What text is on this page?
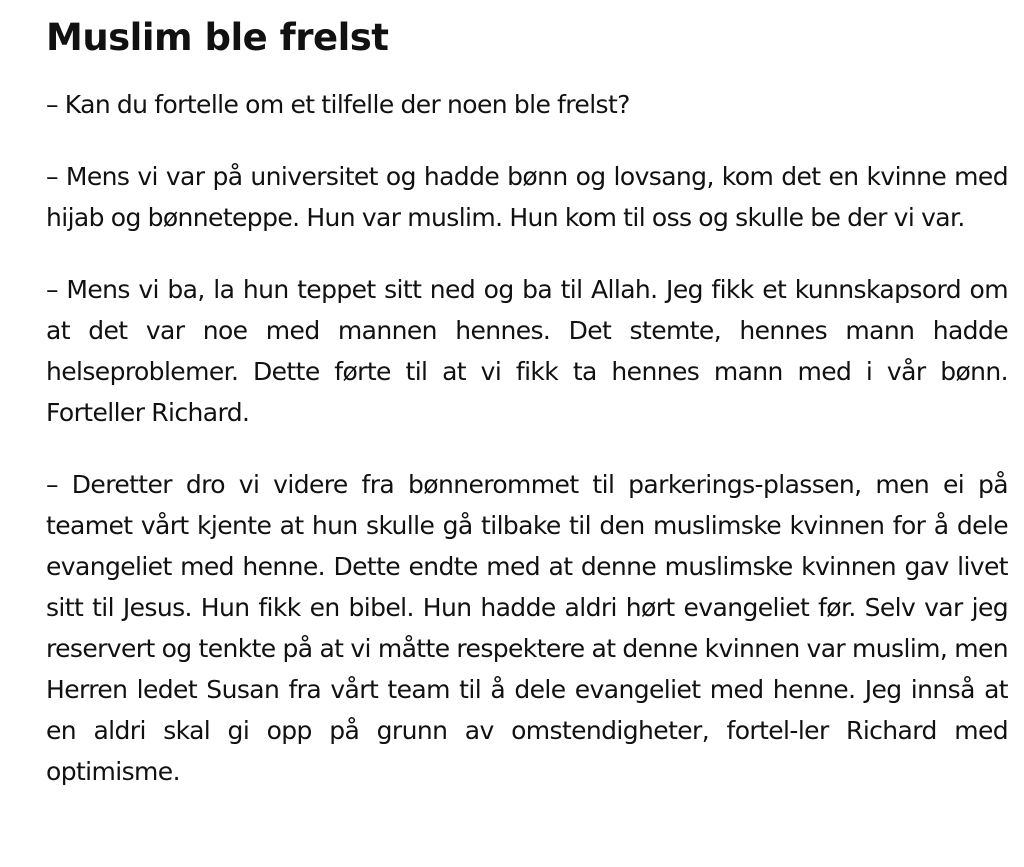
Muslim ble frelst

– Kan du fortelle om et tilfelle der noen ble frelst?

– Mens vi var på universitet og hadde bønn og lovsang, kom det en kvinne med hijab og bønneteppe. Hun var muslim. Hun kom til oss og skulle be der vi var.

– Mens vi ba, la hun teppet sitt ned og ba til Allah. Jeg fikk et kunnskapsord om at det var noe med mannen hennes. Det stemte, hennes mann hadde helseproblemer. Dette førte til at vi fikk ta hennes mann med i vår bønn. Forteller Richard.

– Deretter dro vi videre fra bønnerommet til parkerings-plassen, men ei på teamet vårt kjente at hun skulle gå tilbake til den muslimske kvinnen for å dele evangeliet med henne. Dette endte med at denne muslimske kvinnen gav livet sitt til Jesus. Hun fikk en bibel. Hun hadde aldri hørt evangeliet før. Selv var jeg reservert og tenkte på at vi måtte respektere at denne kvinnen var muslim, men Herren ledet Susan fra vårt team til å dele evangeliet med henne. Jeg innså at en aldri skal gi opp på grunn av omstendigheter, fortel-ler Richard med optimisme.
